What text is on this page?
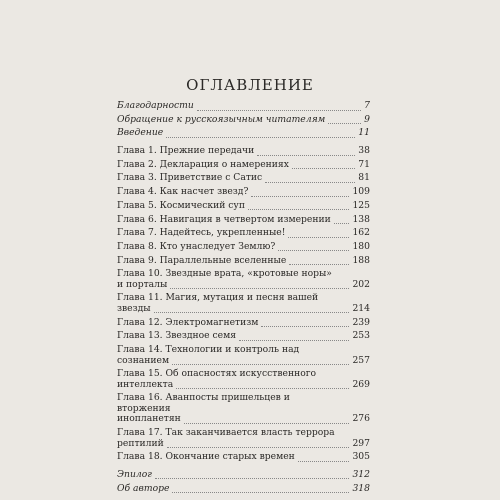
ОГЛАВЛЕНИЕ
Благодарности	7
Обращение к русскоязычным читателям	9
Введение	11
Глава 1. Прежние передачи	38
Глава 2. Декларация о намерениях	71
Глава 3. Приветствие с Сатис	81
Глава 4. Как насчет звезд?	109
Глава 5. Космический суп	125
Глава 6. Навигация в четвертом измерении	138
Глава 7. Надейтесь, укрепленные!	162
Глава 8. Кто унаследует Землю?	180
Глава 9. Параллельные вселенные	188
Глава 10. Звездные врата, «кротовые норы»
и порталы	202
Глава 11. Магия, мутация и песня вашей звезды	214
Глава 12. Электромагнетизм	239
Глава 13. Звездное семя	253
Глава 14. Технологии и контроль над сознанием	257
Глава 15. Об опасностях искусственного
интеллекта	269
Глава 16. Аванпосты пришельцев и вторжения
инопланетян	276
Глава 17. Так заканчивается власть террора
рептилий	297
Глава 18. Окончание старых времен	305
Эпилог	312
Об авторе	318
